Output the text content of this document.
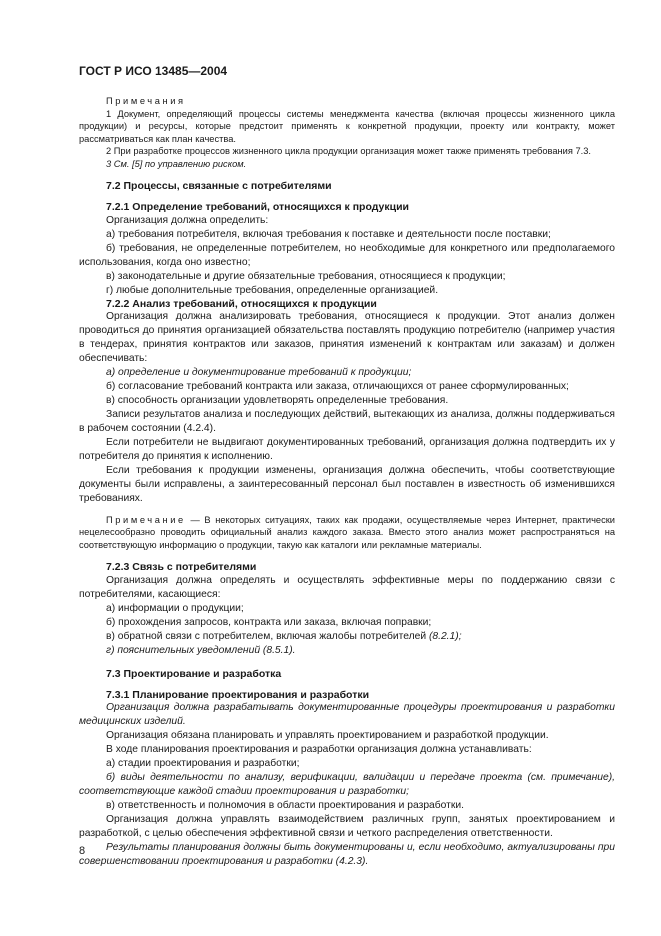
ГОСТ Р ИСО 13485—2004

Примечания

1 Документ, определяющий процессы системы менеджмента качества (включая процессы жизненного цикла продукции) и ресурсы, которые предстоит применять к конкретной продукции, проекту или контракту, может рассматриваться как план качества.

2 При разработке процессов жизненного цикла продукции организация может также применять требования 7.3.

3 См. [5] по управлению риском.

7.2 Процессы, связанные с потребителями

7.2.1 Определение требований, относящихся к продукции

Организация должна определить:

а) требования потребителя, включая требования к поставке и деятельности после поставки;

б) требования, не определенные потребителем, но необходимые для конкретного или предполагаемого использования, когда оно известно;

в) законодательные и другие обязательные требования, относящиеся к продукции;

г) любые дополнительные требования, определенные организацией.

7.2.2 Анализ требований, относящихся к продукции

Организация должна анализировать требования, относящиеся к продукции. Этот анализ должен проводиться до принятия организацией обязательства поставлять продукцию потребителю (например участия в тендерах, принятия контрактов или заказов, принятия изменений к контрактам или заказам) и должен обеспечивать:

а) определение и документирование требований к продукции;

б) согласование требований контракта или заказа, отличающихся от ранее сформулированных;

в) способность организации удовлетворять определенные требования.

Записи результатов анализа и последующих действий, вытекающих из анализа, должны поддерживаться в рабочем состоянии (4.2.4).

Если потребители не выдвигают документированных требований, организация должна подтвердить их у потребителя до принятия к исполнению.

Если требования к продукции изменены, организация должна обеспечить, чтобы соответствующие документы были исправлены, а заинтересованный персонал был поставлен в известность об изменившихся требованиях.

Примечание — В некоторых ситуациях, таких как продажи, осуществляемые через Интернет, практически нецелесообразно проводить официальный анализ каждого заказа. Вместо этого анализ может распространяться на соответствующую информацию о продукции, такую как каталоги или рекламные материалы.

7.2.3 Связь с потребителями

Организация должна определять и осуществлять эффективные меры по поддержанию связи с потребителями, касающиеся:

а) информации о продукции;

б) прохождения запросов, контракта или заказа, включая поправки;

в) обратной связи с потребителем, включая жалобы потребителей (8.2.1);

г) пояснительных уведомлений (8.5.1).

7.3 Проектирование и разработка

7.3.1 Планирование проектирования и разработки

Организация должна разрабатывать документированные процедуры проектирования и разработки медицинских изделий.

Организация обязана планировать и управлять проектированием и разработкой продукции.

В ходе планирования проектирования и разработки организация должна устанавливать:

а) стадии проектирования и разработки;

б) виды деятельности по анализу, верификации, валидации и передаче проекта (см. примечание), соответствующие каждой стадии проектирования и разработки;

в) ответственность и полномочия в области проектирования и разработки.

Организация должна управлять взаимодействием различных групп, занятых проектированием и разработкой, с целью обеспечения эффективной связи и четкого распределения ответственности.

Результаты планирования должны быть документированы и, если необходимо, актуализированы при совершенствовании проектирования и разработки (4.2.3).

8
